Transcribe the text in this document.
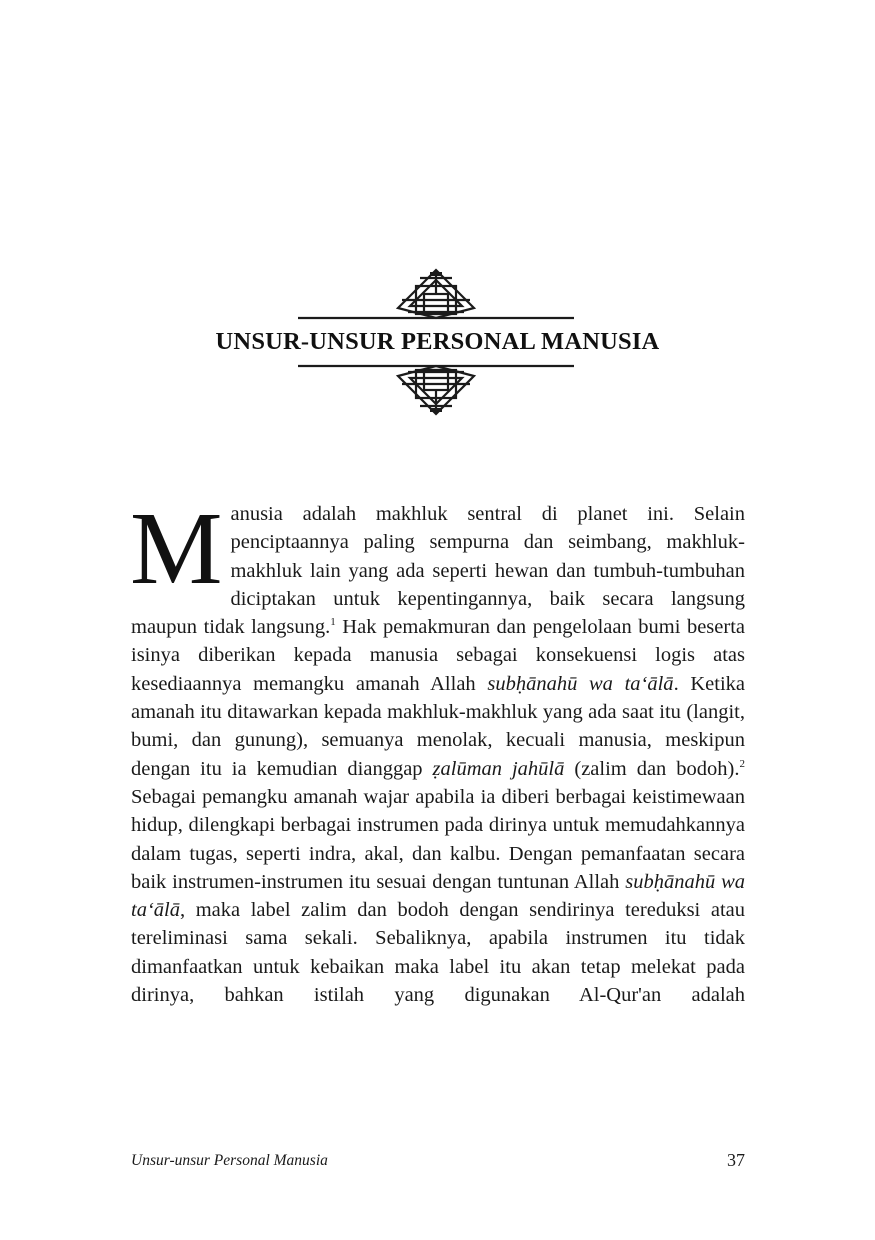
UNSUR-UNSUR PERSONAL MANUSIA

Manusia adalah makhluk sentral di planet ini. Selain penciptaannya paling sempurna dan seimbang, makhluk-makhluk lain yang ada seperti hewan dan tumbuh-tumbuhan diciptakan untuk kepentingannya, baik secara langsung maupun tidak langsung.$^1$ Hak pemakmuran dan pengelolaan bumi beserta isinya diberikan kepada manusia sebagai konsekuensi logis atas kesediaannya memangku amanah Allah subḥānahū wa ta‘ālā. Ketika amanah itu ditawarkan kepada makhluk-makhluk yang ada saat itu (langit, bumi, dan gunung), semuanya menolak, kecuali manusia, meskipun dengan itu ia kemudian dianggap ẓalūman jahūlā (zalim dan bodoh).$^2$ Sebagai pemangku amanah wajar apabila ia diberi berbagai keistimewaan hidup, dilengkapi berbagai instrumen pada dirinya untuk memudahkannya dalam tugas, seperti indra, akal, dan kalbu. Dengan pemanfaatan secara baik instrumen-instrumen itu sesuai dengan tuntunan Allah subḥānahū wa ta‘ālā, maka label zalim dan bodoh dengan sendirinya tereduksi atau tereliminasi sama sekali. Sebaliknya, apabila instrumen itu tidak dimanfaatkan untuk kebaikan maka label itu akan tetap melekat pada dirinya, bahkan istilah yang digunakan Al-Qur'an adalah

Unsur-unsur Personal Manusia	37
